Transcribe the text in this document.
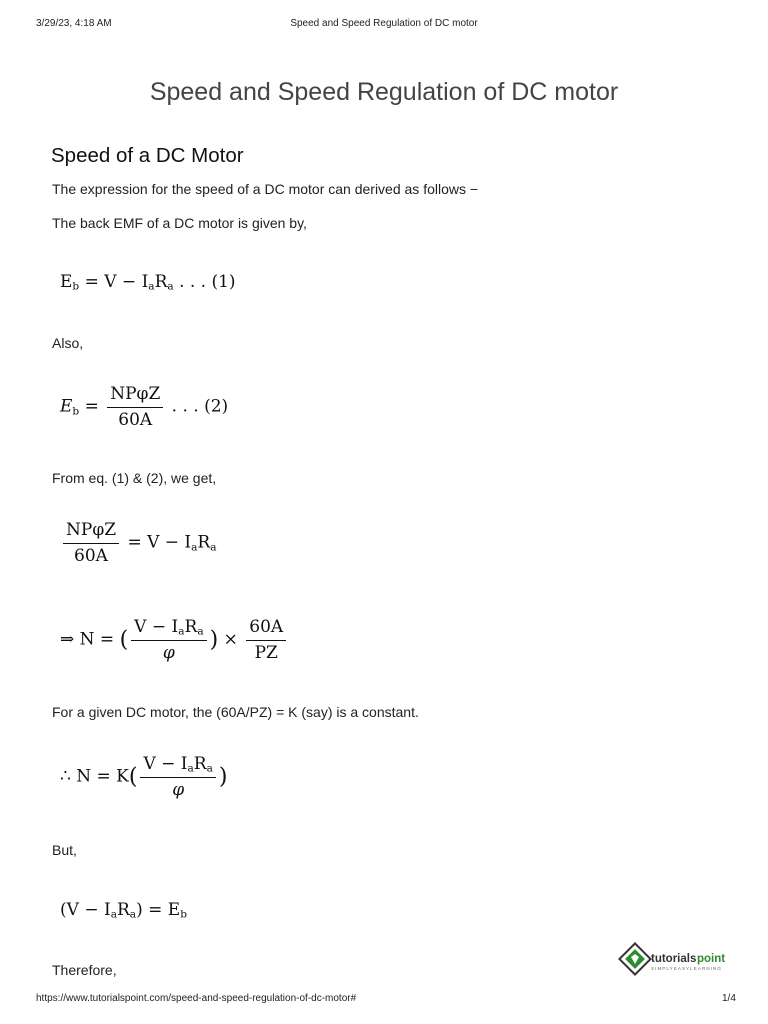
3/29/23, 4:18 AM	Speed and Speed Regulation of DC motor
Speed and Speed Regulation of DC motor
Speed of a DC Motor
The expression for the speed of a DC motor can derived as follows −
The back EMF of a DC motor is given by,
$E_b = V - I_aR_a$ . . . (1)
Also,
$E_b = \frac{\text{NPφZ}}{60A}$ . . . (2)
From eq. (1) & (2), we get,
$\frac{\text{NPφZ}}{60A} = V - I_aR_a$
⇒ N = ( $\frac{V - I_aR_a}{\varphi}$ ) × $\frac{60A}{PZ}$
For a given DC motor, the (60A/PZ) = K (say) is a constant.
∴ $N = K( \frac{V - I_aR_a}{\varphi}$ )
But,
$(V - I_aR_a) = E_b$
Therefore,
tutorials point
SIMPLYEASYLEARNING
https://www.tutorialspoint.com/speed-and-speed-regulation-of-dc-motor#	1/4
